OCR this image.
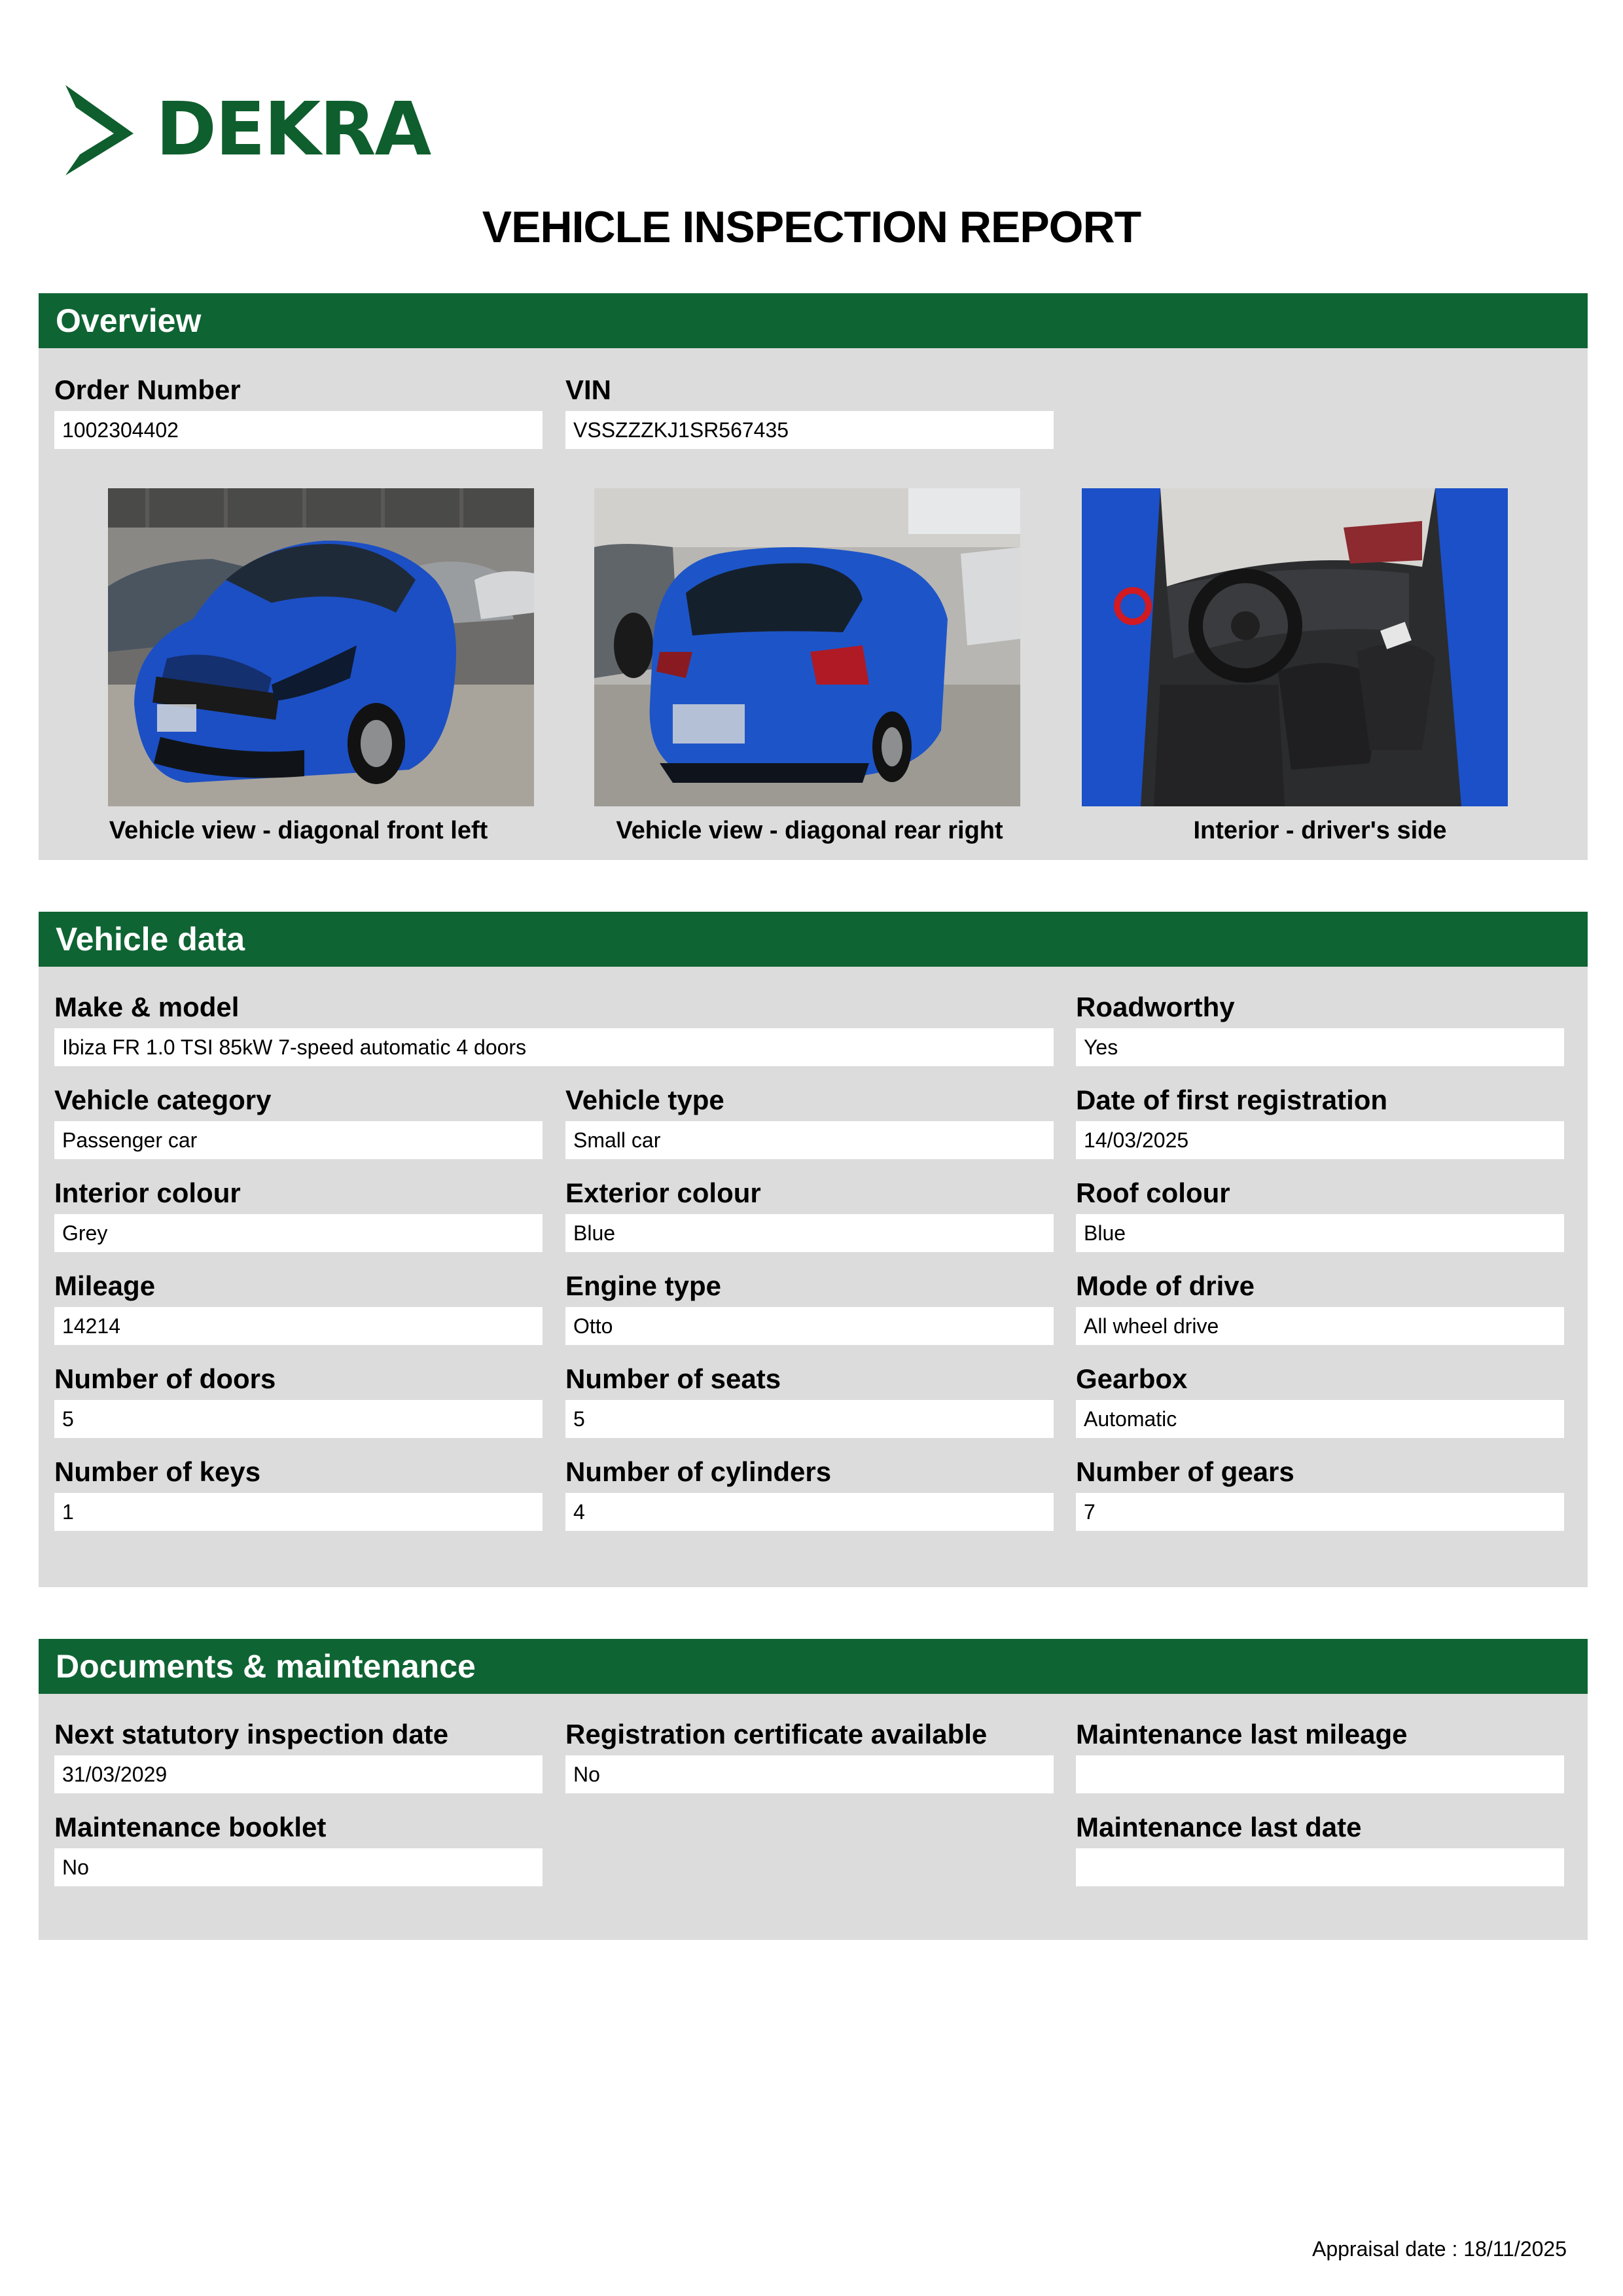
DEKRA
VEHICLE INSPECTION REPORT
Overview
Order Number
1002304402
VIN
VSSZZZKJ1SR567435
Vehicle view - diagonal front left	Vehicle view - diagonal rear right	Interior - driver's side
Vehicle data
Make & model
Ibiza FR 1.0 TSI 85kW 7-speed automatic 4 doors
Roadworthy
Yes
Vehicle category
Passenger car
Vehicle type
Small car
Date of first registration
14/03/2025
Interior colour
Grey
Exterior colour
Blue
Roof colour
Blue
Mileage
14214
Engine type
Otto
Mode of drive
All wheel drive
Number of doors
5
Number of seats
5
Gearbox
Automatic
Number of keys
1
Number of cylinders
4
Number of gears
7
Documents & maintenance
Next statutory inspection date
31/03/2029
Registration certificate available
No
Maintenance last mileage
Maintenance booklet
No
Maintenance last date
Appraisal date : 18/11/2025
